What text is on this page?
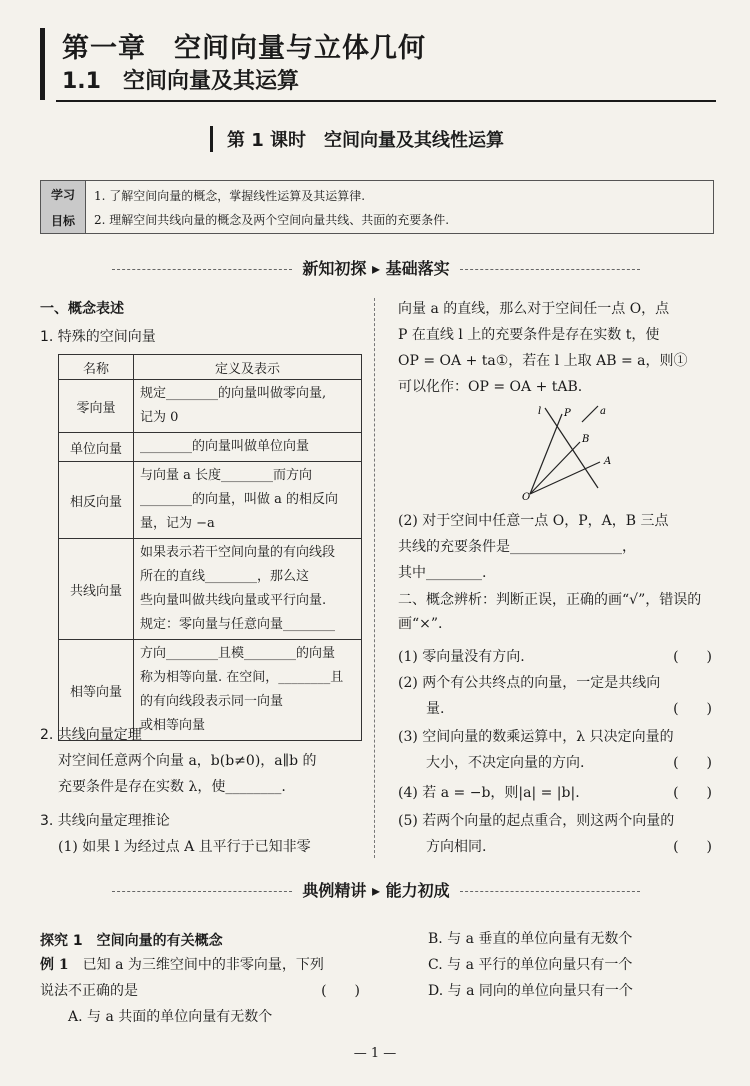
第一章　空间向量与立体几何
1.1　空间向量及其运算
第 1 课时　空间向量及其线性运算
学习
目标
1. 了解空间向量的概念，掌握线性运算及其运算律.
2. 理解空间共线向量的概念及两个空间向量共线、共面的充要条件.
新知初探 ▸ 基础落实
一、概念表述
1. 特殊的空间向量
名称	定义及表示
零向量	规定________的向量叫做零向量,
记为 0

单位向量	________的向量叫做单位向量

相反向量	与向量 a 长度________而方向
________的向量，叫做 a 的相反向
量，记为 −a

共线向量	如果表示若干空间向量的有向线段
所在的直线________，那么这
些向量叫做共线向量或平行向量.
规定：零向量与任意向量________

相等向量	方向________且模________的向量
称为相等向量. 在空间，________且
的有向线段表示同一向量
或相等向量
2. 共线向量定理
对空间任意两个向量 a，b(b≠0)，a∥b 的
充要条件是存在实数 λ，使________.
3. 共线向量定理推论
(1) 如果 l 为经过点 A 且平行于已知非零
向量 a 的直线，那么对于空间任一点 O，点
P 在直线 l 上的充要条件是存在实数 t，使
OP = OA + ta①，若在 l 上取 AB = a，则①
可以化作：OP = OA + tAB.
l P	a
B
A
O
(2) 对于空间中任意一点 O，P，A，B 三点
共线的充要条件是________________，
其中________.
二、概念辨析：判断正误，正确的画“√”，错误的画“×”.
(1) 零向量没有方向.	(　　)
(2) 两个有公共终点的向量，一定是共线向
　　量.	(　　)
(3) 空间向量的数乘运算中，λ 只决定向量的
　　大小，不决定向量的方向.	(　　)
(4) 若 a = −b，则|a| = |b|.	(　　)
(5) 若两个向量的起点重合，则这两个向量的
　　方向相同.	(　　)
典例精讲 ▸ 能力初成
探究 1　空间向量的有关概念
例 1　 已知 a 为三维空间中的非零向量，下列
说法不正确的是	(　　)
A. 与 a 共面的单位向量有无数个
B. 与 a 垂直的单位向量有无数个
C. 与 a 平行的单位向量只有一个
D. 与 a 同向的单位向量只有一个
— 1 —
